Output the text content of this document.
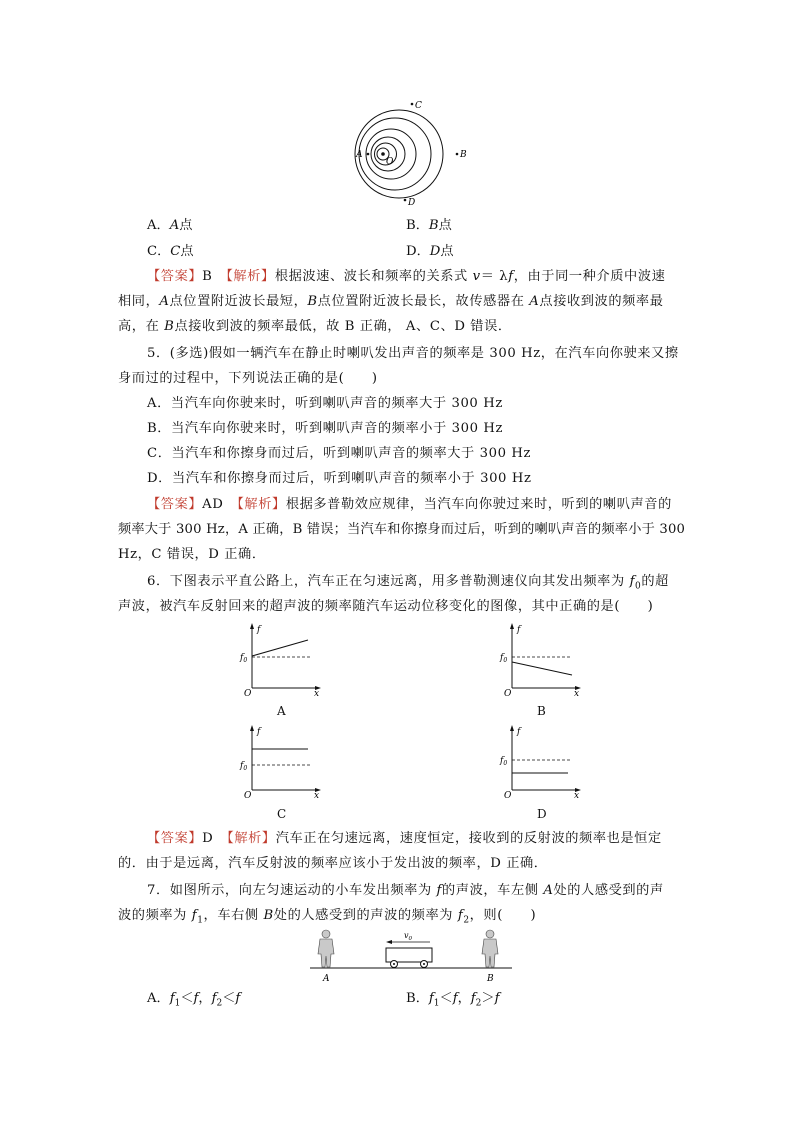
C
D
A	B
O
A．A点	B．B点
C．C点	D．D点
【答案】B　 【解析】根据波速、波长和频率的关系式 v＝ λf，由于同一种介质中波速
相同，A点位置附近波长最短，B点位置附近波长最长，故传感器在 A点接收到波的频率最
高，在 B点接收到波的频率最低，故 B 正确， A、C、D 错误．
5．(多选)假如一辆汽车在静止时喇叭发出声音的频率是 300 Hz，在汽车向你驶来又擦
身而过的过程中，下列说法正确的是(　　)
A．当汽车向你驶来时，听到喇叭声音的频率大于 300 Hz
B．当汽车向你驶来时，听到喇叭声音的频率小于 300 Hz
C．当汽车和你擦身而过后，听到喇叭声音的频率大于 300 Hz
D．当汽车和你擦身而过后，听到喇叭声音的频率小于 300 Hz
【答案】AD　 【解析】根据多普勒效应规律，当汽车向你驶过来时，听到的喇叭声音的
频率大于 300 Hz，A 正确，B 错误；当汽车和你擦身而过后，听到的喇叭声音的频率小于 300
Hz，C 错误，D 正确．
6．下图表示平直公路上，汽车正在匀速远离，用多普勒测速仪向其发出频率为 $f_0$的超
声波，被汽车反射回来的超声波的频率随汽车运动位移变化的图像，其中正确的是(　　)
f
x
O
$f_0$
A
f
x
O
$f_0$
B
f
x
O
$f_0$
C
f
x
O
$f_0$
D
【答案】D　 【解析】汽车正在匀速远离，速度恒定，接收到的反射波的频率也是恒定
的．由于是远离，汽车反射波的频率应该小于发出波的频率，D 正确．
7．如图所示，向左匀速运动的小车发出频率为 f的声波，车左侧 A处的人感受到的声
波的频率为 $f_1$，车右侧 B处的人感受到的声波的频率为 $f_2$，则(　　)
$v_0$
A	B
A．$f_1<f$，$f_2<f$	B．$f_1<f$，$f_2>f$
